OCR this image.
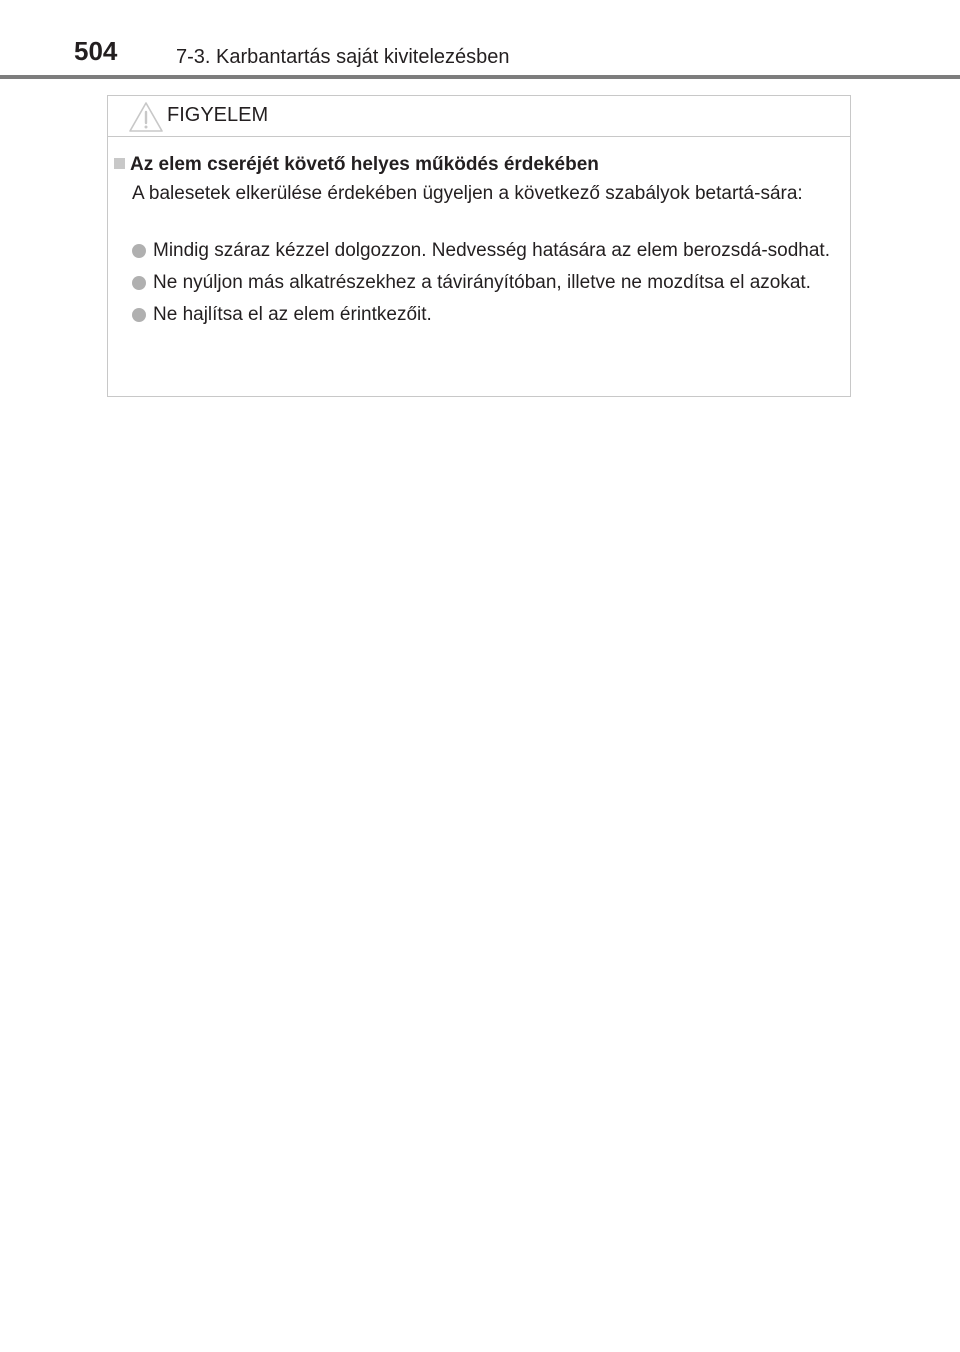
504	7-3. Karbantartás saját kivitelezésben
FIGYELEM
Az elem cseréjét követő helyes működés érdekében
A balesetek elkerülése érdekében ügyeljen a következő szabályok betartá-sára:
Mindig száraz kézzel dolgozzon. Nedvesség hatására az elem berozsdá-sodhat.
Ne nyúljon más alkatrészekhez a távirányítóban, illetve ne mozdítsa el azokat.
Ne hajlítsa el az elem érintkezőit.
